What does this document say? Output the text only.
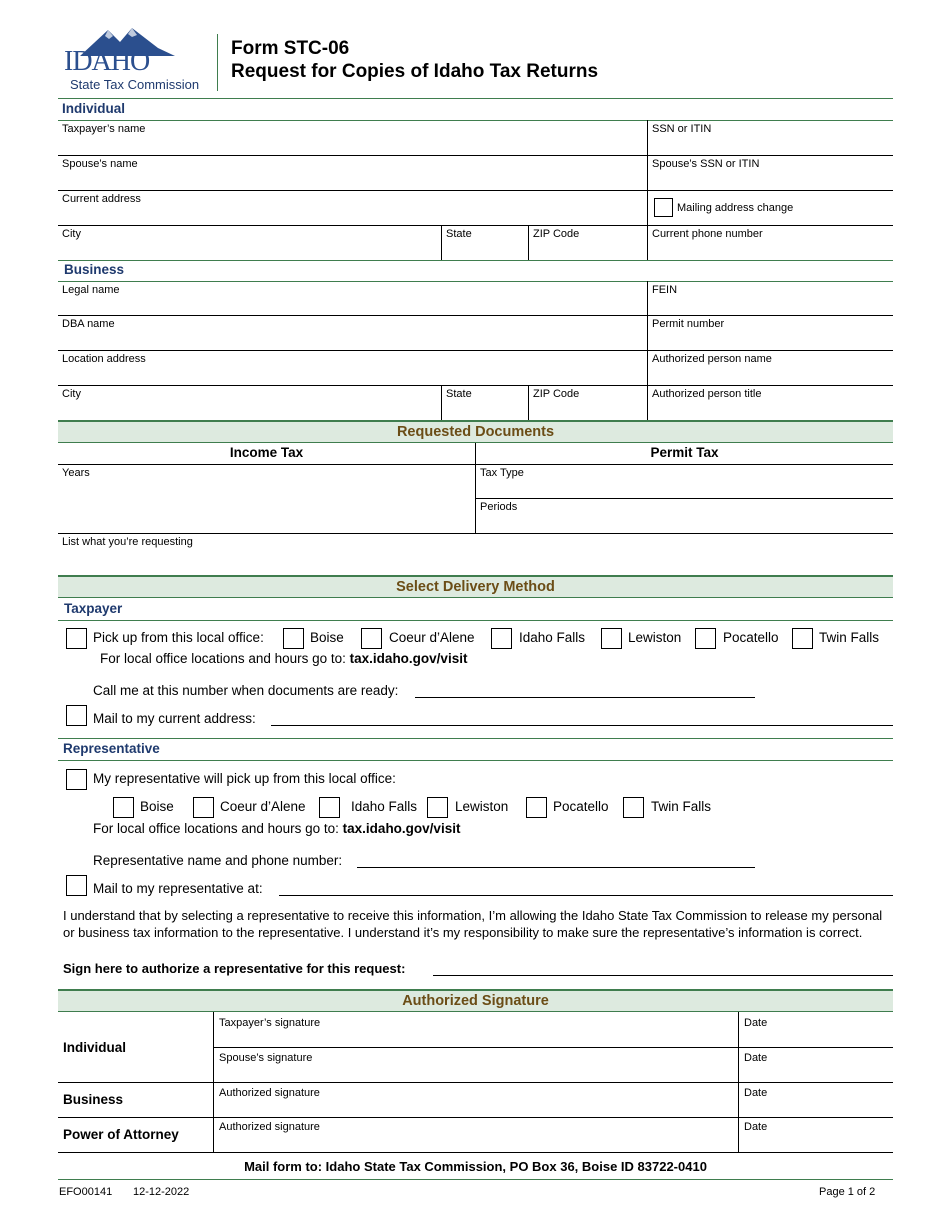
IDAHO
State Tax Commission
Form STC-06
Request for Copies of Idaho Tax Returns
Individual
Taxpayer’s name	SSN or ITIN
Spouse’s name	Spouse’s SSN or ITIN
Current address
Mailing address change
City	State	ZIP Code	Current phone number
Business
Legal name	FEIN
DBA name	Permit number
Location address	Authorized person name
City	State	ZIP Code	Authorized person title
Requested Documents
Income Tax	Permit Tax
Years	Tax Type
Periods
List what you’re requesting
Select Delivery Method
Taxpayer
Pick up from this local office:	Boise	Coeur d’Alene	Idaho Falls	Lewiston	Pocatello	Twin Falls
For local office locations and hours go to: tax.idaho.gov/visit
Call me at this number when documents are ready:
Mail to my current address:
Representative
My representative will pick up from this local office:
Boise	Coeur d’Alene	Idaho Falls	Lewiston	Pocatello	Twin Falls
For local office locations and hours go to: tax.idaho.gov/visit
Representative name and phone number:
Mail to my representative at:
I understand that by selecting a representative to receive this information, I’m allowing the Idaho State Tax Commission to release my personal or business tax information to the representative. I understand it’s my responsibility to make sure the representative’s information is correct.
Sign here to authorize a representative for this request:
Authorized Signature
Individual
Taxpayer’s signature	Date
Spouse’s signature	Date
Business	Authorized signature	Date
Power of Attorney	Authorized signature	Date
Mail form to: Idaho State Tax Commission, PO Box 36, Boise ID 83722-0410
EFO00141 12-12-2022	Page 1 of 2
